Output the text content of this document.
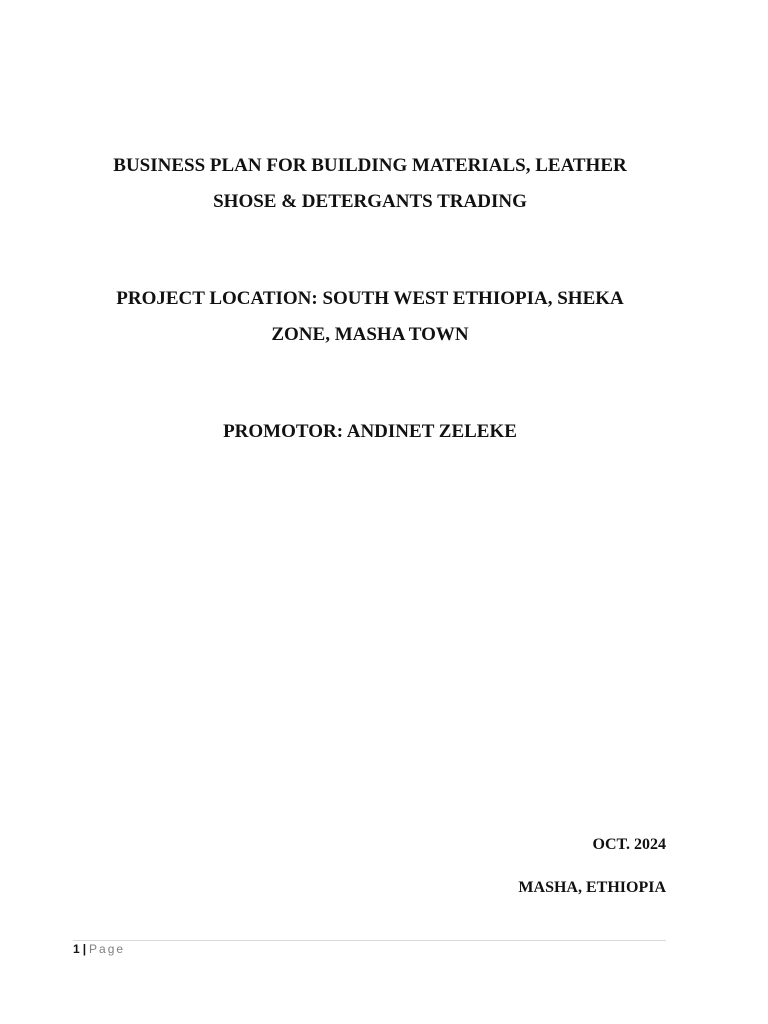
BUSINESS PLAN FOR BUILDING MATERIALS, LEATHER
SHOSE & DETERGANTS TRADING
PROJECT LOCATION: SOUTH WEST ETHIOPIA, SHEKA
ZONE, MASHA TOWN
PROMOTOR: ANDINET ZELEKE
OCT. 2024
MASHA, ETHIOPIA
1 | Page
